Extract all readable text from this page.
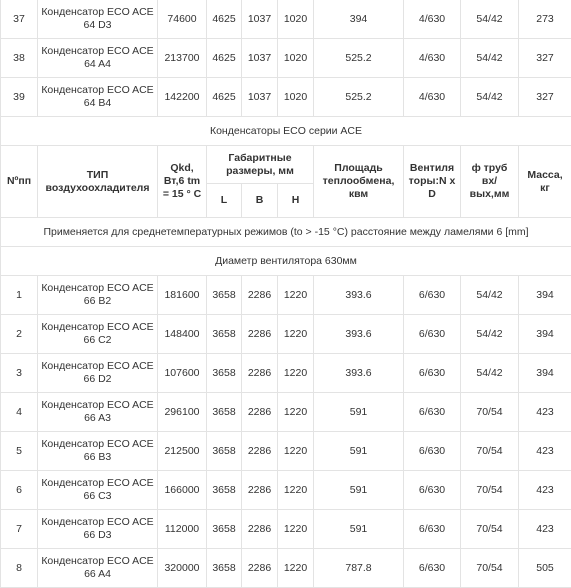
37	Конденсатор ECO ACE 64 D3	74600	4625	1037	1020	394	4/630	54/42	273
38	Конденсатор ECO ACE 64 A4	213700	4625	1037	1020	525.2	4/630	54/42	327
39	Конденсатор ECO ACE 64 B4	142200	4625	1037	1020	525.2	4/630	54/42	327
Конденсаторы ECO серии ACE									
Nºпп	ТИП воздухоохладителя	Qkd, Вт,6 tm = 15 ° C	Габаритные размеры, мм			Площадь теплообмена, квм	Вентиля торы:N x D	ф труб вх/ вых,мм	Масса, кг
			L	B	H				
Применяется для среднетемпературных режимов (to > -15 °C) расстояние между ламелями 6 [mm]									
Диаметр вентилятора 630мм									
1	Конденсатор ECO ACE 66 B2	181600	3658	2286	1220	393.6	6/630	54/42	394
2	Конденсатор ECO ACE 66 C2	148400	3658	2286	1220	393.6	6/630	54/42	394
3	Конденсатор ECO ACE 66 D2	107600	3658	2286	1220	393.6	6/630	54/42	394
4	Конденсатор ECO ACE 66 A3	296100	3658	2286	1220	591	6/630	70/54	423
5	Конденсатор ECO ACE 66 B3	212500	3658	2286	1220	591	6/630	70/54	423
6	Конденсатор ECO ACE 66 C3	166000	3658	2286	1220	591	6/630	70/54	423
7	Конденсатор ECO ACE 66 D3	112000	3658	2286	1220	591	6/630	70/54	423
8	Конденсатор ECO ACE 66 A4	320000	3658	2286	1220	787.8	6/630	70/54	505
